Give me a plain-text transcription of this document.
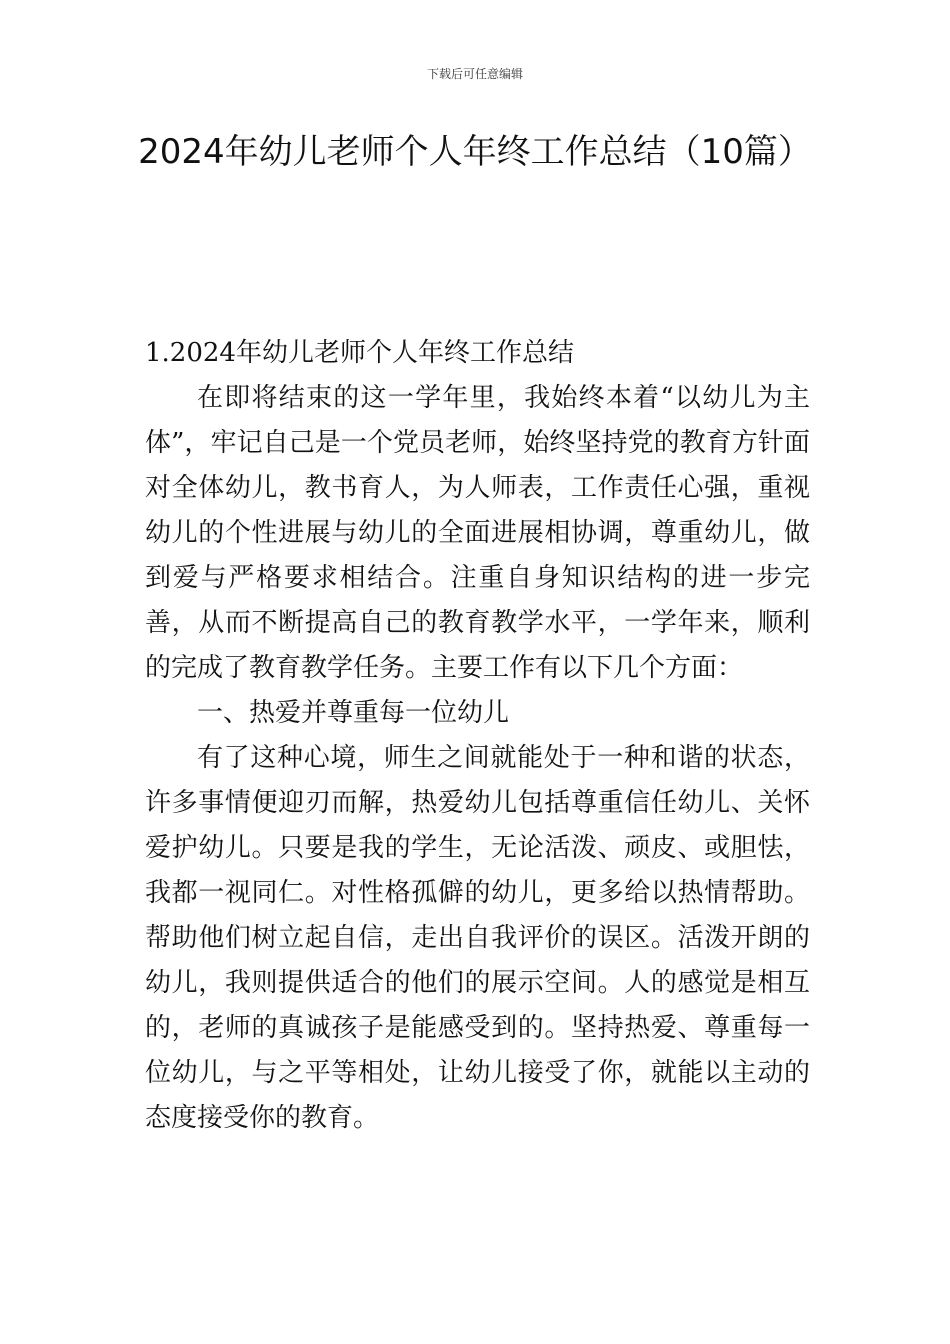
下载后可任意编辑
2024年幼儿老师个人年终工作总结（10篇）

1.2024年幼儿老师个人年终工作总结

在即将结束的这一学年里，我始终本着“以幼儿为主体”，牢记自己是一个党员老师，始终坚持党的教育方针面对全体幼儿，教书育人，为人师表，工作责任心强，重视幼儿的个性进展与幼儿的全面进展相协调，尊重幼儿，做到爱与严格要求相结合。注重自身知识结构的进一步完善，从而不断提高自己的教育教学水平，一学年来，顺利的完成了教育教学任务。主要工作有以下几个方面：

一、热爱并尊重每一位幼儿

有了这种心境，师生之间就能处于一种和谐的状态，许多事情便迎刃而解，热爱幼儿包括尊重信任幼儿、关怀爱护幼儿。只要是我的学生，无论活泼、顽皮、或胆怯，我都一视同仁。对性格孤僻的幼儿，更多给以热情帮助。帮助他们树立起自信，走出自我评价的误区。活泼开朗的幼儿，我则提供适合的他们的展示空间。人的感觉是相互的，老师的真诚孩子是能感受到的。坚持热爱、尊重每一位幼儿，与之平等相处，让幼儿接受了你，就能以主动的态度接受你的教育。
